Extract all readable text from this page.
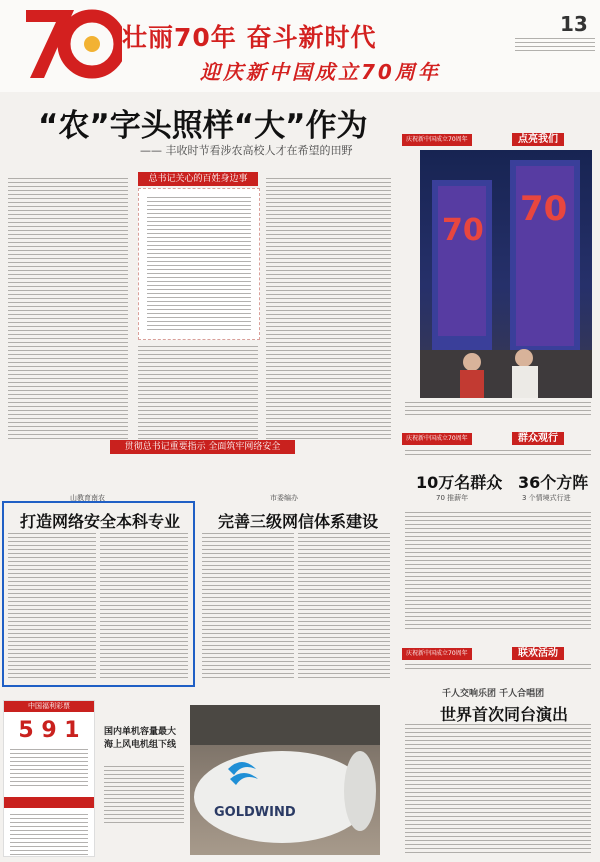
壮丽70年 奋斗新时代
迎庆新中国成立70周年
13
“农”字头照样“大”作为
—— 丰收时节看涉农高校人才在希望的田野
总书记关心的百姓身边事
贯彻总书记重要指示 全面筑牢网络安全
山教育南农
打造网络安全本科专业
市委编办
完善三级网信体系建设
庆祝新中国成立70周年	点亮我们
70
70
庆祝新中国成立70周年	群众观行
10万名群众
70 推薪年
36个方阵
3 个情境式行进
庆祝新中国成立70周年	联欢活动
千人交响乐团 千人合唱团
世界首次同台演出
中国福利彩票
5 9 1	国内单机容量最大海上风电机组下线
GOLDWIND
